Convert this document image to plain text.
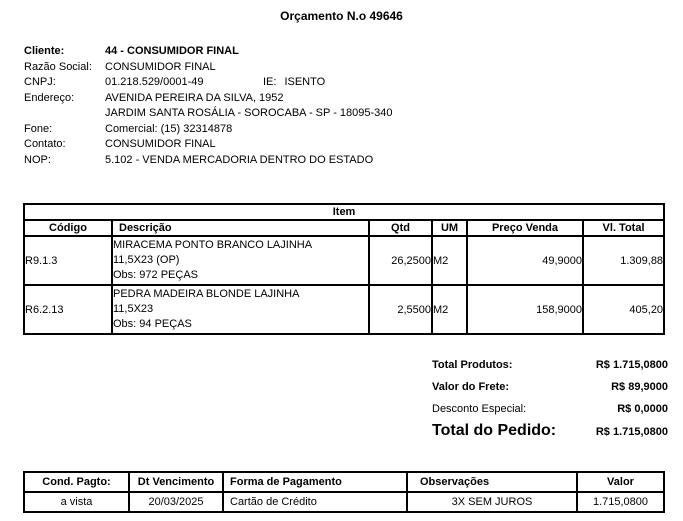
Orçamento N.o 49646
Cliente:	44 - CONSUMIDOR FINAL
Razão Social:	CONSUMIDOR FINAL
CNPJ:	01.218.529/0001-49	IE: ISENTO
Endereço:	AVENIDA PEREIRA DA SILVA, 1952
JARDIM SANTA ROSÁLIA - SOROCABA - SP - 18095-340
Fone:	Comercial: (15) 32314878
Contato:	CONSUMIDOR FINAL
NOP:	5.102 - VENDA MERCADORIA DENTRO DO ESTADO
Item					
Código	Descrição	Qtd	UM	Preço Venda	Vl. Total
R9.1.3	MIRACEMA PONTO BRANCO LAJINHA
11,5X23 (OP)
Obs: 972 PEÇAS	26,2500	M2	49,9000	1.309,88
R6.2.13	PEDRA MADEIRA BLONDE LAJINHA
11,5X23
Obs: 94 PEÇAS	2,5500	M2	158,9000	405,20
Total Produtos:	R$ 1.715,0800
Valor do Frete:	R$ 89,9000
Desconto Especial:	R$ 0,0000
Total do Pedido:	R$ 1.715,0800
Cond. Pagto:	Dt Vencimento	Forma de Pagamento	Observações	Valor
a vista	20/03/2025	Cartão de Crédito	3X SEM JUROS	1.715,0800
